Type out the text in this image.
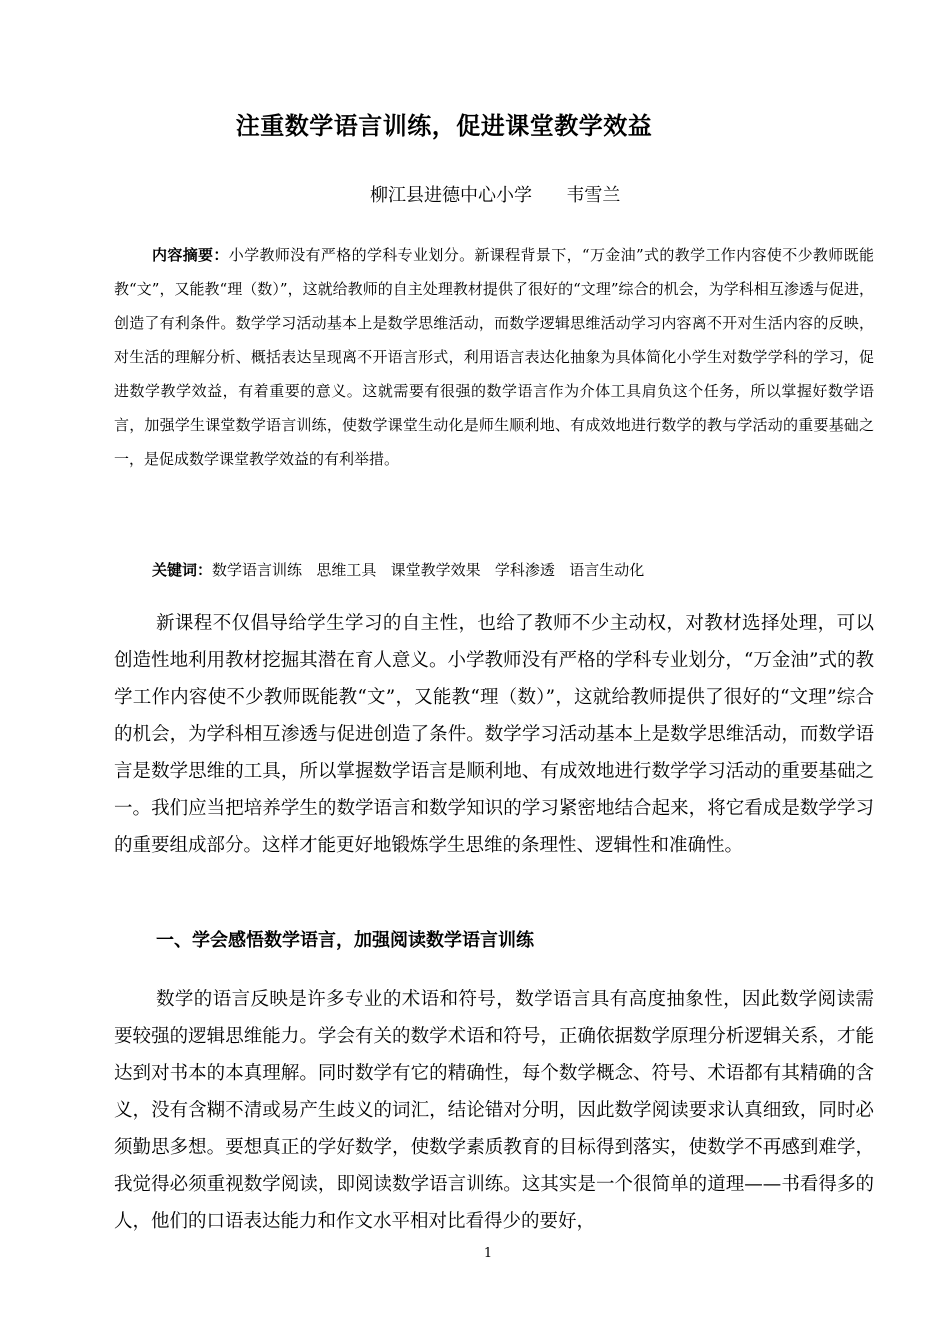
注重数学语言训练，促进课堂教学效益
柳江县进德中心小学      韦雪兰
内容摘要：小学教师没有严格的学科专业划分。新课程背景下，“万金油”式的教学工作内容使不少教师既能教“文”，又能教“理（数）”，这就给教师的自主处理教材提供了很好的“文理”综合的机会，为学科相互渗透与促进，创造了有利条件。数学学习活动基本上是数学思维活动，而数学逻辑思维活动学习内容离不开对生活内容的反映，对生活的理解分析、概括表达呈现离不开语言形式，利用语言表达化抽象为具体简化小学生对数学学科的学习，促进数学教学效益，有着重要的意义。这就需要有很强的数学语言作为介体工具肩负这个任务，所以掌握好数学语言，加强学生课堂数学语言训练，使数学课堂生动化是师生顺利地、有成效地进行数学的教与学活动的重要基础之一，是促成数学课堂教学效益的有利举措。
关键词：数学语言训练   思维工具   课堂教学效果   学科渗透   语言生动化
新课程不仅倡导给学生学习的自主性，也给了教师不少主动权，对教材选择处理，可以创造性地利用教材挖掘其潜在育人意义。小学教师没有严格的学科专业划分，“万金油”式的教学工作内容使不少教师既能教“文”，又能教“理（数）”，这就给教师提供了很好的“文理”综合的机会，为学科相互渗透与促进创造了条件。数学学习活动基本上是数学思维活动，而数学语言是数学思维的工具，所以掌握数学语言是顺利地、有成效地进行数学学习活动的重要基础之一。我们应当把培养学生的数学语言和数学知识的学习紧密地结合起来，将它看成是数学学习的重要组成部分。这样才能更好地锻炼学生思维的条理性、逻辑性和准确性。
一、学会感悟数学语言，加强阅读数学语言训练
数学的语言反映是许多专业的术语和符号，数学语言具有高度抽象性，因此数学阅读需要较强的逻辑思维能力。学会有关的数学术语和符号，正确依据数学原理分析逻辑关系，才能达到对书本的本真理解。同时数学有它的精确性，每个数学概念、符号、术语都有其精确的含义，没有含糊不清或易产生歧义的词汇，结论错对分明，因此数学阅读要求认真细致，同时必须勤思多想。要想真正的学好数学，使数学素质教育的目标得到落实，使数学不再感到难学，我觉得必须重视数学阅读，即阅读数学语言训练。这其实是一个很简单的道理——书看得多的人，他们的口语表达能力和作文水平相对比看得少的要好，
1
